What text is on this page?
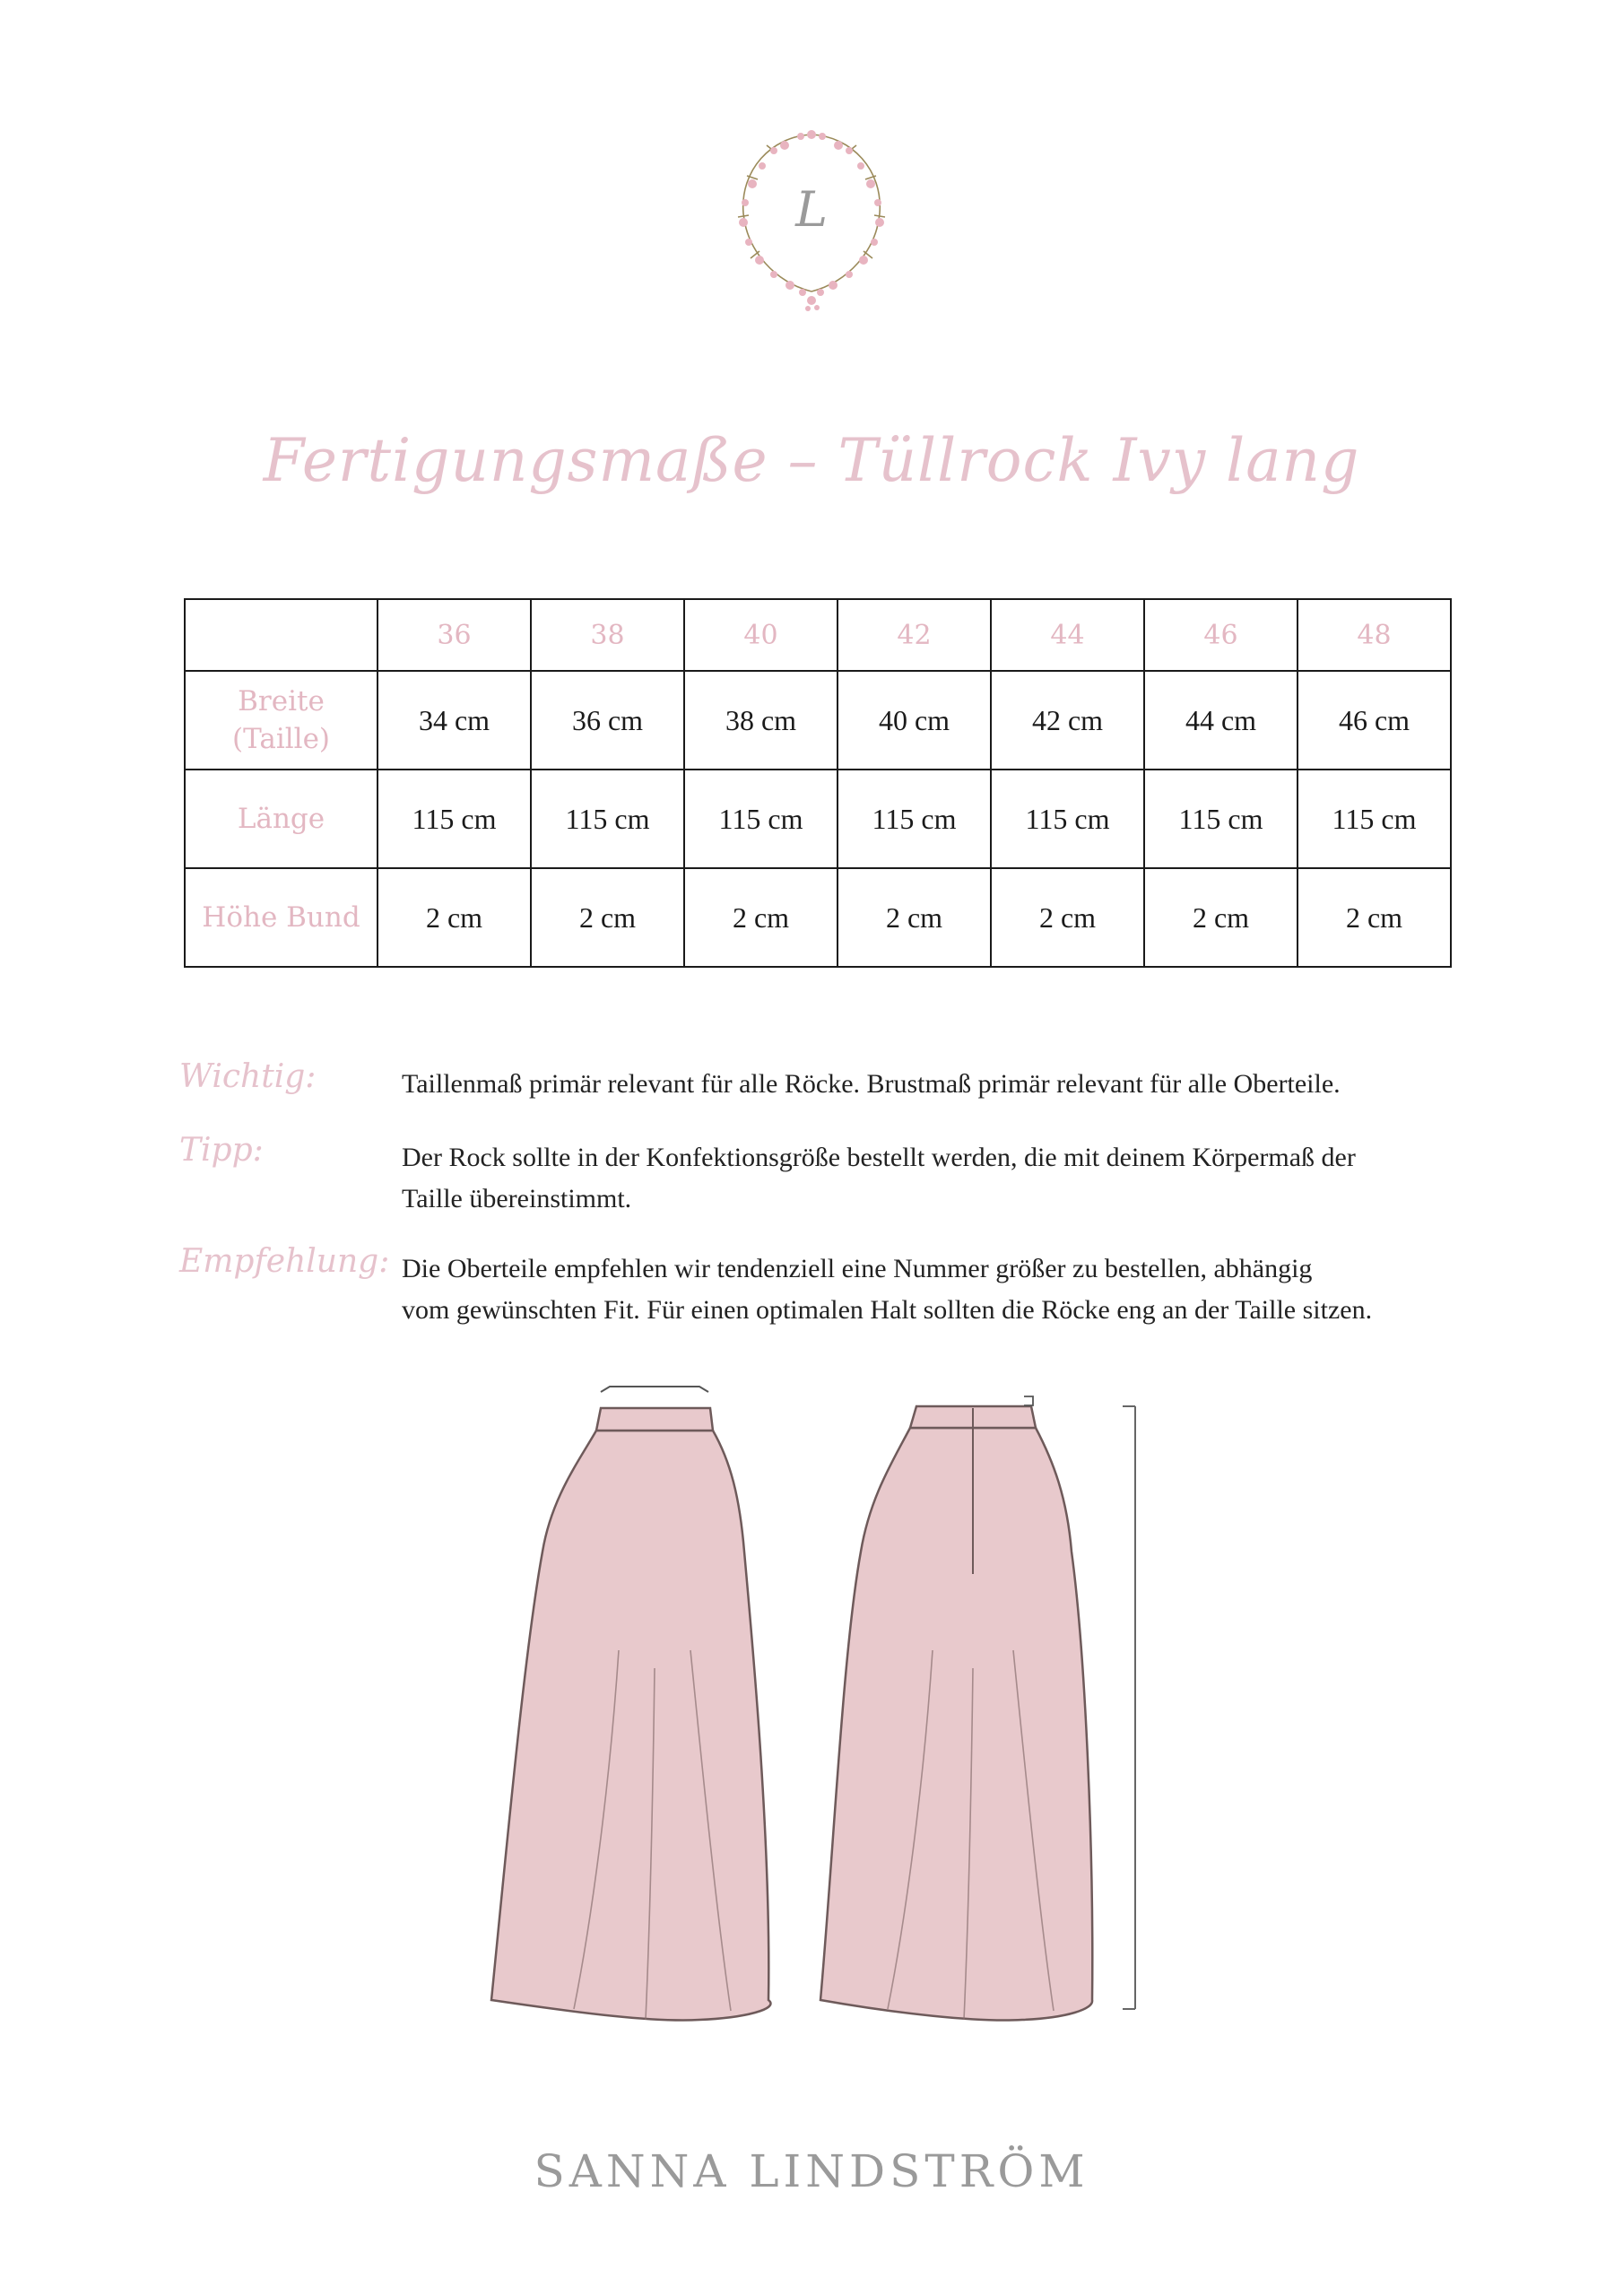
L
Fertigungsmaße – Tüllrock Ivy lang
	36	38	40	42	44	46	48
Breite
(Taille)	34 cm	36 cm	38 cm	40 cm	42 cm	44 cm	46 cm
Länge	115 cm	115 cm	115 cm	115 cm	115 cm	115 cm	115 cm
Höhe Bund	2 cm	2 cm	2 cm	2 cm	2 cm	2 cm	2 cm
Wichtig:	Taillenmaß primär relevant für alle Röcke. Brustmaß primär relevant für alle Oberteile.
Tipp:	Der Rock sollte in der Konfektionsgröße bestellt werden, die mit deinem Körpermaß der
Taille übereinstimmt.
Empfehlung: Die Oberteile empfehlen wir tendenziell eine Nummer größer zu bestellen, abhängig
vom gewünschten Fit. Für einen optimalen Halt sollten die Röcke eng an der Taille sitzen.
SANNA LINDSTRÖM
